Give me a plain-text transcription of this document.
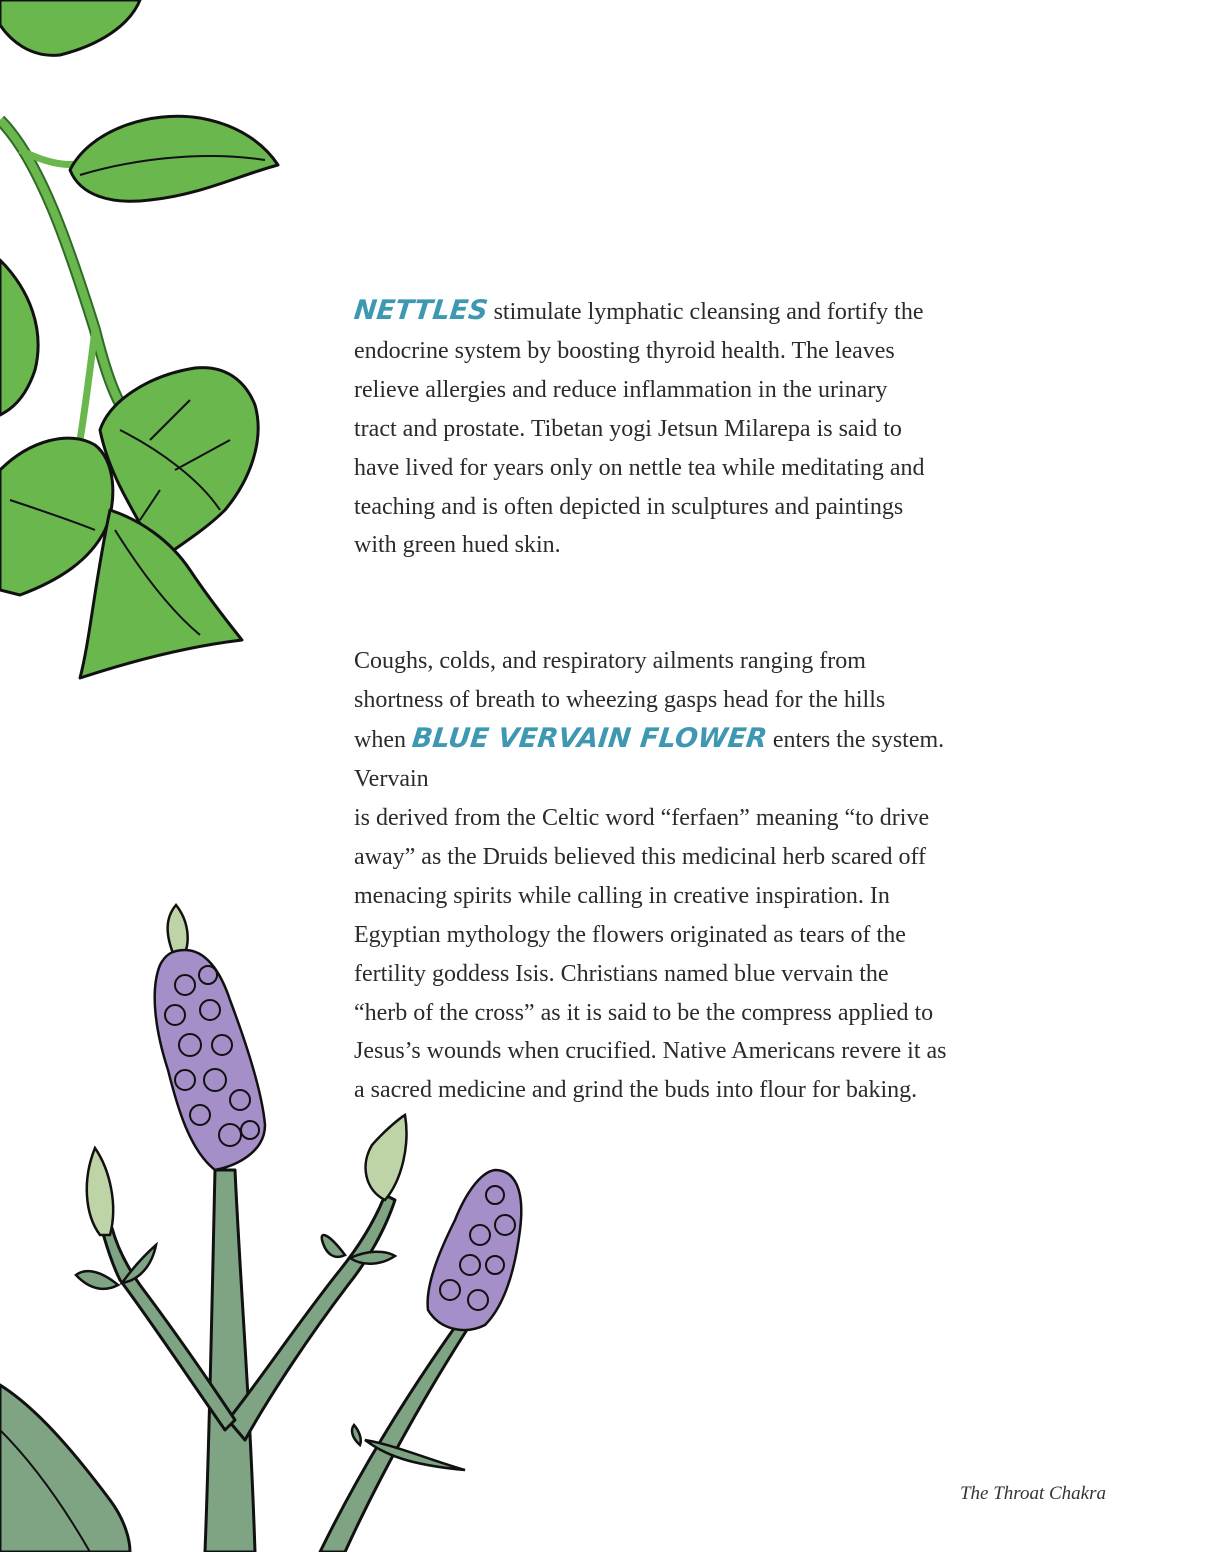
NETTLES stimulate lymphatic cleansing and fortify the
endocrine system by boosting thyroid health. The leaves
relieve allergies and reduce inflammation in the urinary
tract and prostate. Tibetan yogi Jetsun Milarepa is said to
have lived for years only on nettle tea while meditating and
teaching and is often depicted in sculptures and paintings
with green hued skin.

Coughs, colds, and respiratory ailments ranging from
shortness of breath to wheezing gasps head for the hills
when BLUE VERVAIN FLOWER enters the system. Vervain
is derived from the Celtic word “ferfaen” meaning “to drive
away” as the Druids believed this medicinal herb scared off
menacing spirits while calling in creative inspiration. In
Egyptian mythology the flowers originated as tears of the
fertility goddess Isis. Christians named blue vervain the
“herb of the cross” as it is said to be the compress applied to
Jesus’s wounds when crucified. Native Americans revere it as
a sacred medicine and grind the buds into flour for baking.

The Throat Chakra
